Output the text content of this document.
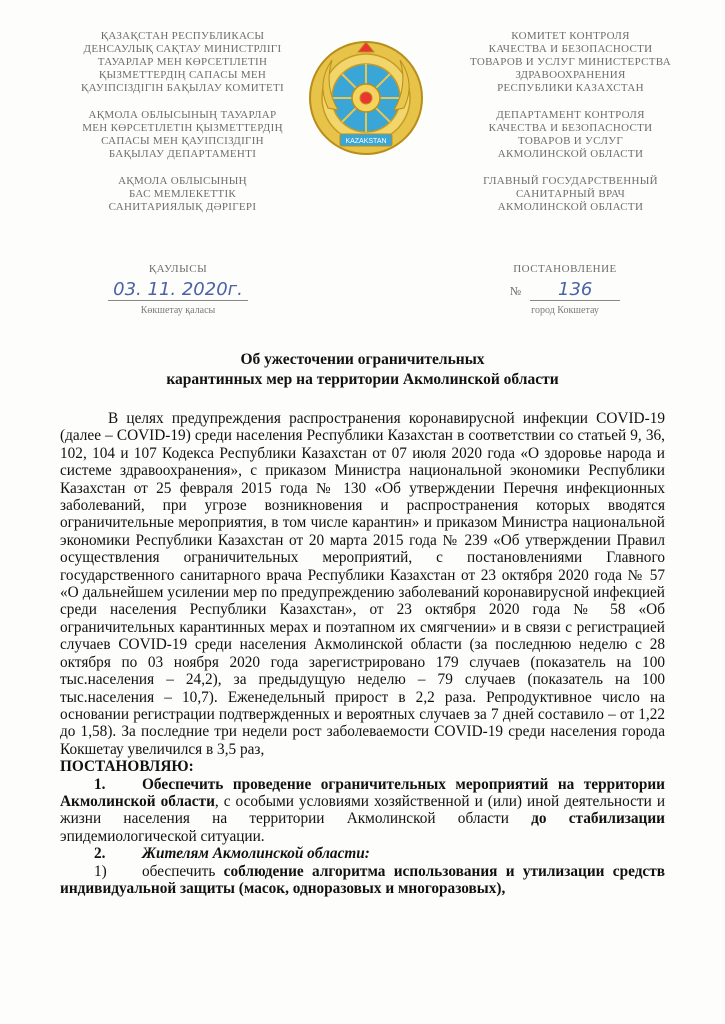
ҚАЗАҚСТАН РЕСПУБЛИКАСЫ
ДЕНСАУЛЫҚ САҚТАУ МИНИСТРЛІГІ
ТАУАРЛАР МЕН КӨРСЕТІЛЕТІН
ҚЫЗМЕТТЕРДІҢ САПАСЫ МЕН
ҚАУІПСІЗДІГІН БАҚЫЛАУ КОМИТЕТІ
АҚМОЛА ОБЛЫСЫНЫҢ ТАУАРЛАР
МЕН КӨРСЕТІЛЕТІН ҚЫЗМЕТТЕРДІҢ
САПАСЫ МЕН ҚАУІПСІЗДІГІН
БАҚЫЛАУ ДЕПАРТАМЕНТІ
АҚМОЛА ОБЛЫСЫНЫҢ
БАС МЕМЛЕКЕТТІК
САНИТАРИЯЛЫҚ ДӘРІГЕРІ
KAZAKSTAN
КОМИТЕТ КОНТРОЛЯ
КАЧЕСТВА И БЕЗОПАСНОСТИ
ТОВАРОВ И УСЛУГ МИНИСТЕРСТВА
ЗДРАВООХРАНЕНИЯ
РЕСПУБЛИКИ КАЗАХСТАН
ДЕПАРТАМЕНТ КОНТРОЛЯ
КАЧЕСТВА И БЕЗОПАСНОСТИ
ТОВАРОВ И УСЛУГ
АКМОЛИНСКОЙ ОБЛАСТИ
ГЛАВНЫЙ ГОСУДАРСТВЕННЫЙ
САНИТАРНЫЙ ВРАЧ
АКМОЛИНСКОЙ ОБЛАСТИ
ҚАУЛЫСЫ
03. 11. 2020г.
Көкшетау қаласы
ПОСТАНОВЛЕНИЕ
№ 136
город Кокшетау
Об ужесточении ограничительных
карантинных мер на территории Акмолинской области

В целях предупреждения распространения коронавирусной инфекции COVID-19 (далее – COVID-19) среди населения Республики Казахстан в соответствии со статьей 9, 36, 102, 104 и 107 Кодекса Республики Казахстан от 07 июля 2020 года «О здоровье народа и системе здравоохранения», с приказом Министра национальной экономики Республики Казахстан от 25 февраля 2015 года № 130 «Об утверждении Перечня инфекционных заболеваний, при угрозе возникновения и распространения которых вводятся ограничительные мероприятия, в том числе карантин» и приказом Министра национальной экономики Республики Казахстан от 20 марта 2015 года № 239 «Об утверждении Правил осуществления ограничительных мероприятий, с постановлениями Главного государственного санитарного врача Республики Казахстан от 23 октября 2020 года № 57 «О дальнейшем усилении мер по предупреждению заболеваний коронавирусной инфекцией среди населения Республики Казахстан», от 23 октября 2020 года № 58 «Об ограничительных карантинных мерах и поэтапном их смягчении» и в связи с регистрацией случаев COVID-19 среди населения Акмолинской области (за последнюю неделю с 28 октября по 03 ноября 2020 года зарегистрировано 179 случаев (показатель на 100 тыс.населения – 24,2), за предыдущую неделю – 79 случаев (показатель на 100 тыс.населения – 10,7). Еженедельный прирост в 2,2 раза. Репродуктивное число на основании регистрации подтвержденных и вероятных случаев за 7 дней составило – от 1,22 до 1,58). За последние три недели рост заболеваемости COVID-19 среди населения города Кокшетау увеличился в 3,5 раз,

ПОСТАНОВЛЯЮ:

1. Обеспечить проведение ограничительных мероприятий на территории Акмолинской области, с особыми условиями хозяйственной и (или) иной деятельности и жизни населения на территории Акмолинской области до стабилизации эпидемиологической ситуации.

2. Жителям Акмолинской области:

1) обеспечить соблюдение алгоритма использования и утилизации средств индивидуальной защиты (масок, одноразовых и многоразовых),
